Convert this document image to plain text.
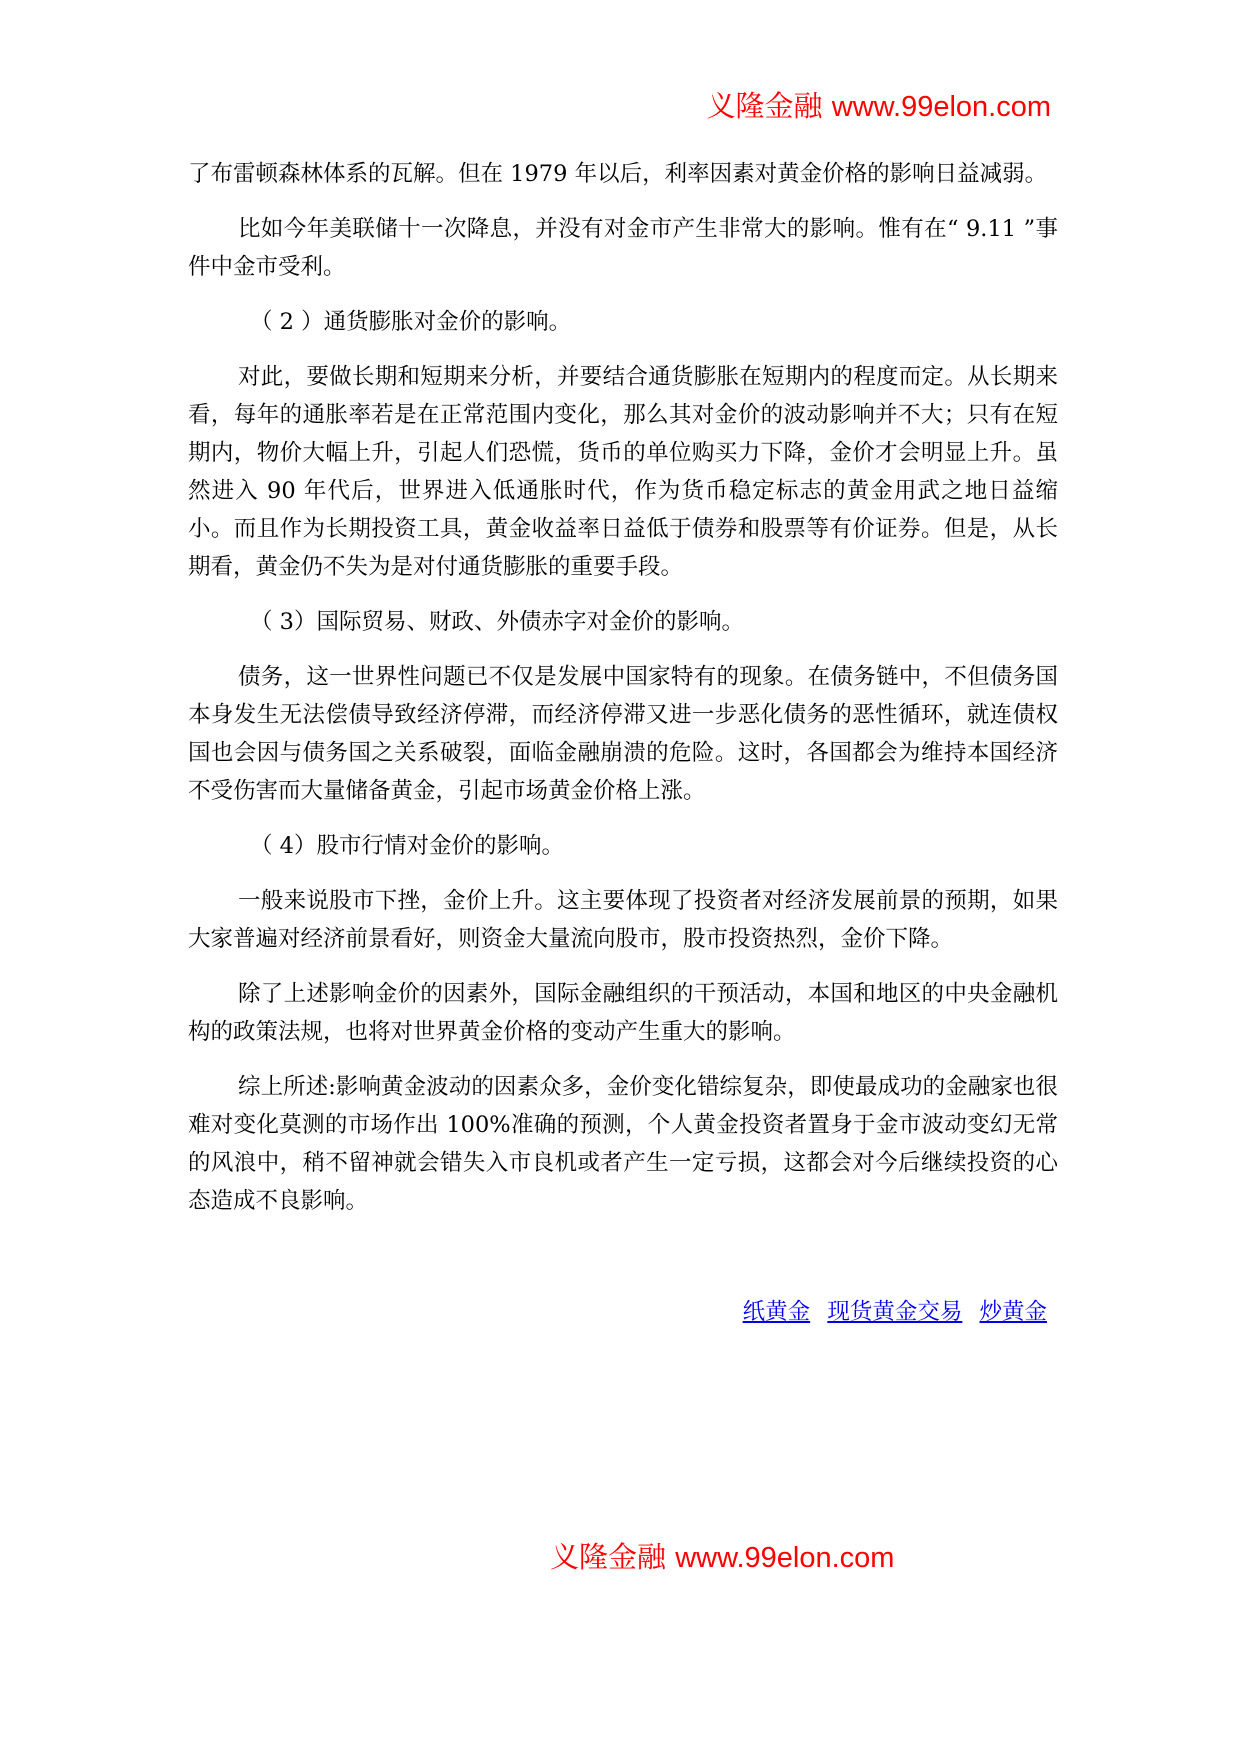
义隆金融 www.99elon.com

了布雷顿森林体系的瓦解。但在 1979 年以后，利率因素对黄金价格的影响日益减弱。

比如今年美联储十一次降息，并没有对金市产生非常大的影响。惟有在“ 9.11 ”事件中金市受利。

（ 2 ）通货膨胀对金价的影响。

对此，要做长期和短期来分析，并要结合通货膨胀在短期内的程度而定。从长期来看，每年的通胀率若是在正常范围内变化，那么其对金价的波动影响并不大；只有在短期内，物价大幅上升，引起人们恐慌，货币的单位购买力下降，金价才会明显上升。虽然进入 90 年代后，世界进入低通胀时代，作为货币稳定标志的黄金用武之地日益缩小。而且作为长期投资工具，黄金收益率日益低于债券和股票等有价证券。但是，从长期看，黄金仍不失为是对付通货膨胀的重要手段。

（ 3）国际贸易、财政、外债赤字对金价的影响。

债务，这一世界性问题已不仅是发展中国家特有的现象。在债务链中，不但债务国本身发生无法偿债导致经济停滞，而经济停滞又进一步恶化债务的恶性循环，就连债权国也会因与债务国之关系破裂，面临金融崩溃的危险。这时，各国都会为维持本国经济不受伤害而大量储备黄金，引起市场黄金价格上涨。

（ 4）股市行情对金价的影响。

一般来说股市下挫，金价上升。这主要体现了投资者对经济发展前景的预期，如果大家普遍对经济前景看好，则资金大量流向股市，股市投资热烈，金价下降。

除了上述影响金价的因素外，国际金融组织的干预活动，本国和地区的中央金融机构的政策法规，也将对世界黄金价格的变动产生重大的影响。

综上所述:影响黄金波动的因素众多，金价变化错综复杂，即使最成功的金融家也很难对变化莫测的市场作出 100%准确的预测，个人黄金投资者置身于金市波动变幻无常的风浪中，稍不留神就会错失入市良机或者产生一定亏损，这都会对今后继续投资的心态造成不良影响。

纸黄金 现货黄金交易 炒黄金
义隆金融 www.99elon.com
